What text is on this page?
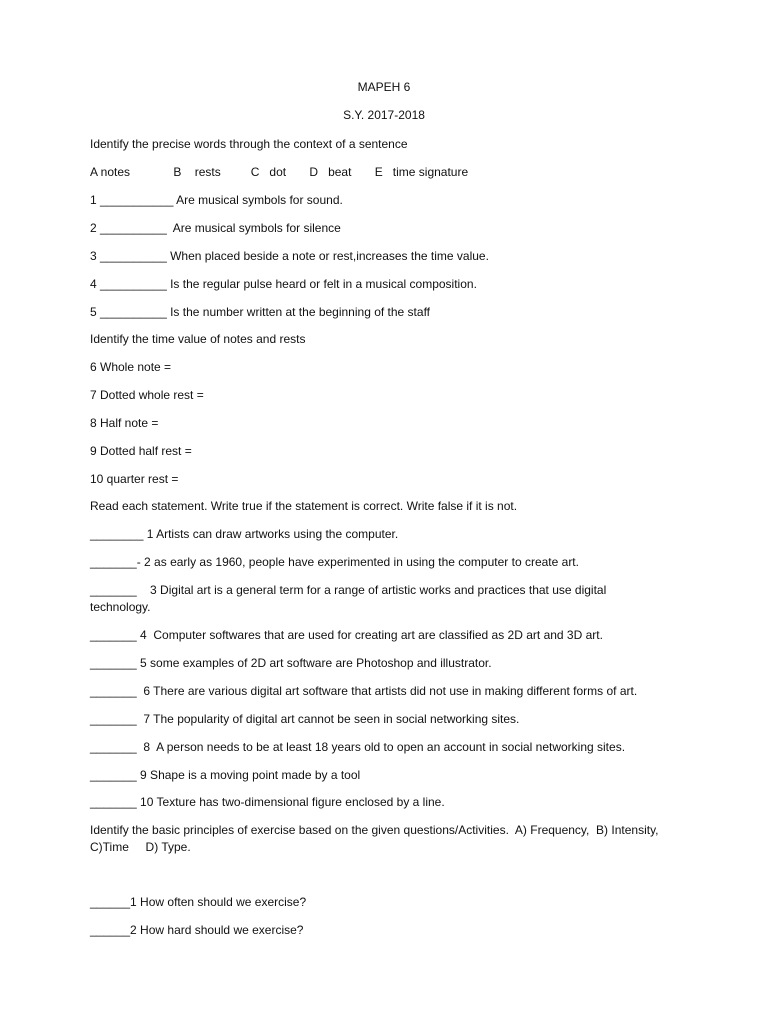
MAPEH 6
S.Y. 2017-2018
Identify the precise words through the context of a sentence
A notes             B    rests         C   dot       D   beat       E   time signature
1 ___________ Are musical symbols for sound.
2 __________  Are musical symbols for silence
3 __________ When placed beside a note or rest,increases the time value.
4 __________ Is the regular pulse heard or felt in a musical composition.
5 __________ Is the number written at the beginning of the staff
Identify the time value of notes and rests
6 Whole note =
7 Dotted whole rest =
8 Half note =
9 Dotted half rest =
10 quarter rest =
Read each statement. Write true if the statement is correct. Write false if it is not.
________ 1 Artists can draw artworks using the computer.
_______- 2 as early as 1960, people have experimented in using the computer to create art.
_______    3 Digital art is a general term for a range of artistic works and practices that use digital technology.
_______ 4  Computer softwares that are used for creating art are classified as 2D art and 3D art.
_______ 5 some examples of 2D art software are Photoshop and illustrator.
_______  6 There are various digital art software that artists did not use in making different forms of art.
_______  7 The popularity of digital art cannot be seen in social networking sites.
_______  8  A person needs to be at least 18 years old to open an account in social networking sites.
_______ 9 Shape is a moving point made by a tool
_______ 10 Texture has two-dimensional figure enclosed by a line.
Identify the basic principles of exercise based on the given questions/Activities.  A) Frequency,  B) Intensity,  C)Time     D) Type.
______1 How often should we exercise?
______2 How hard should we exercise?
